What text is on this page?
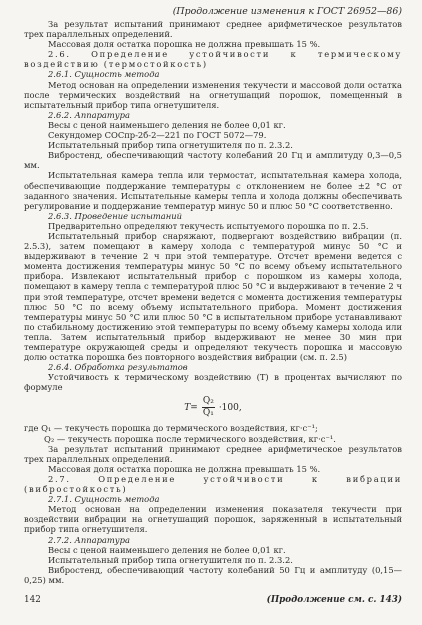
(Продолжение изменения к ГОСТ 26952—86)

За результат испытаний принимают среднее арифметическое результатов трех параллельных определений.

Массовая доля остатка порошка не должна превышать 15 %.

2.6. Определение устойчивости к термическому воздействию (термостойкость)

2.6.1. Сущность метода

Метод основан на определении изменения текучести и массовой доли остатка после термических воздействий на огнетушащий порошок, помещенный в испытательный прибор типа огнетушителя.

2.6.2. Аппаратура

Весы с ценой наименьшего деления не более 0,01 кг.

Секундомер СОСпр-2б-2—221 по ГОСТ 5072—79.

Испытательный прибор типа огнетушителя по п. 2.3.2.

Вибростенд, обеспечивающий частоту колебаний 20 Гц и амплитуду 0,3—0,5 мм.

Испытательная камера тепла или термостат, испытательная камера холода, обеспечивающие поддержание температуры с отклонением не более ±2 °С от заданного значения. Испытательные камеры тепла и холода должны обеспечивать регулирование и поддержание температур минус 50 и плюс 50 °С соответственно.

2.6.3. Проведение испытаний

Предварительно определяют текучесть испытуемого порошка по п. 2.5.

Испытательный прибор снаряжают, подвергают воздействию вибрации (п. 2.5.3), затем помещают в камеру холода с температурой минус 50 °С и выдерживают в течение 2 ч при этой температуре. Отсчет времени ведется с момента достижения температуры минус 50 °С по всему объему испытательного прибора. Извлекают испытательный прибор с порошком из камеры холода, помещают в камеру тепла с температурой плюс 50 °С и выдерживают в течение 2 ч при этой температуре, отсчет времени ведется с момента достижения температуры плюс 50 °С по всему объему испытательного прибора. Момент достижения температуры минус 50 °С или плюс 50 °С в испытательном приборе устанавливают по стабильному достижению этой температуры по всему объему камеры холода или тепла. Затем испытательный прибор выдерживают не менее 30 мин при температуре окружающей среды и определяют текучесть порошка и массовую долю остатка порошка без повторного воздействия вибрации (см. п. 2.5)

2.6.4. Обработка результатов

Устойчивость к термическому воздействию (T) в процентах вычисляют по формуле

$T= \frac{\text{Q₂}}{\text{Q₁}} \cdot 100$,

где Q₁ — текучесть порошка до термического воздействия, кг·с⁻¹;

Q₂ — текучесть порошка после термического воздействия, кг·с⁻¹.

За результат испытаний принимают среднее арифметическое результатов трех параллельных определений.

Массовая доля остатка порошка не должна превышать 15 %.

2.7. Определение устойчивости к вибрации (вибростойкость)

2.7.1. Сущность метода

Метод основан на определении изменения показателя текучести при воздействии вибрации на огнетушащий порошок, заряженный в испытательный прибор типа огнетушителя.

2.7.2. Аппаратура

Весы с ценой наименьшего деления не более 0,01 кг.

Испытательный прибор типа огнетушителя по п. 2.3.2.

Вибростенд, обеспечивающий частоту колебаний 50 Гц и амплитуду (0,15—0,25) мм.

142	(Продолжение см. с. 143)
